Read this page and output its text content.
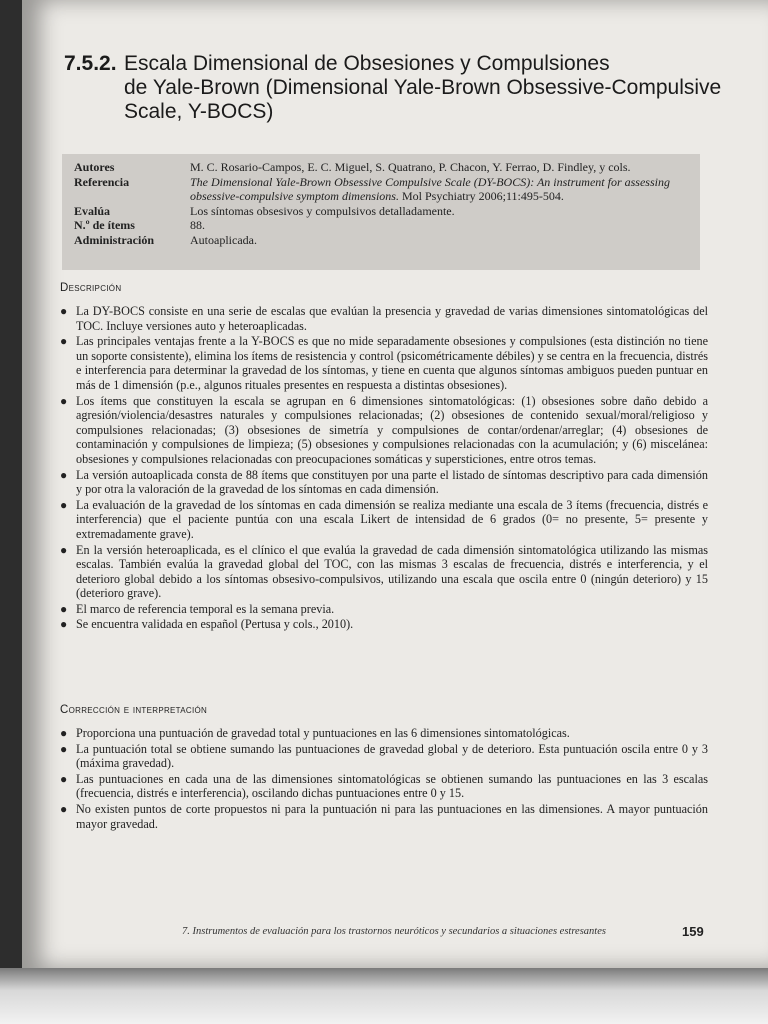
7.5.2. Escala Dimensional de Obsesiones y Compulsiones
de Yale-Brown (Dimensional Yale-Brown Obsessive-Compulsive Scale, Y-BOCS)
Autores	M. C. Rosario-Campos, E. C. Miguel, S. Quatrano, P. Chacon, Y. Ferrao, D. Findley, y cols.
Referencia	The Dimensional Yale-Brown Obsessive Compulsive Scale (DY-BOCS): An instrument for assessing obsessive-compulsive symptom dimensions. Mol Psychiatry 2006;11:495-504.
Evalúa	Los síntomas obsesivos y compulsivos detalladamente.
N.º de ítems	88.
Administración	Autoaplicada.
Descripción
● La DY-BOCS consiste en una serie de escalas que evalúan la presencia y gravedad de varias dimensiones sintomatológicas del TOC. Incluye versiones auto y heteroaplicadas.
● Las principales ventajas frente a la Y-BOCS es que no mide separadamente obsesiones y compulsiones (esta distinción no tiene un soporte consistente), elimina los ítems de resistencia y control (psicométricamente débiles) y se centra en la frecuencia, distrés e interferencia para determinar la gravedad de los síntomas, y tiene en cuenta que algunos síntomas ambiguos pueden puntuar en más de 1 dimensión (p.e., algunos rituales presentes en respuesta a distintas obsesiones).
● Los ítems que constituyen la escala se agrupan en 6 dimensiones sintomatológicas: (1) obsesiones sobre daño debido a agresión/violencia/desastres naturales y compulsiones relacionadas; (2) obsesiones de contenido sexual/moral/religioso y compulsiones relacionadas; (3) obsesiones de simetría y compulsiones de contar/ordenar/arreglar; (4) obsesiones de contaminación y compulsiones de limpieza; (5) obsesiones y compulsiones relacionadas con la acumulación; y (6) miscelánea: obsesiones y compulsiones relacionadas con preocupaciones somáticas y supersticiones, entre otros temas.
● La versión autoaplicada consta de 88 ítems que constituyen por una parte el listado de síntomas descriptivo para cada dimensión y por otra la valoración de la gravedad de los síntomas en cada dimensión.
● La evaluación de la gravedad de los síntomas en cada dimensión se realiza mediante una escala de 3 ítems (frecuencia, distrés e interferencia) que el paciente puntúa con una escala Likert de intensidad de 6 grados (0= no presente, 5= presente y extremadamente grave).
● En la versión heteroaplicada, es el clínico el que evalúa la gravedad de cada dimensión sintomatológica utilizando las mismas escalas. También evalúa la gravedad global del TOC, con las mismas 3 escalas de frecuencia, distrés e interferencia, y el deterioro global debido a los síntomas obsesivo-compulsivos, utilizando una escala que oscila entre 0 (ningún deterioro) y 15 (deterioro grave).
● El marco de referencia temporal es la semana previa.
● Se encuentra validada en español (Pertusa y cols., 2010).
Corrección e interpretación
● Proporciona una puntuación de gravedad total y puntuaciones en las 6 dimensiones sintomatológicas.
● La puntuación total se obtiene sumando las puntuaciones de gravedad global y de deterioro. Esta puntuación oscila entre 0 y 3 (máxima gravedad).
● Las puntuaciones en cada una de las dimensiones sintomatológicas se obtienen sumando las puntuaciones en las 3 escalas (frecuencia, distrés e interferencia), oscilando dichas puntuaciones entre 0 y 15.
● No existen puntos de corte propuestos ni para la puntuación ni para las puntuaciones en las dimensiones. A mayor puntuación mayor gravedad.
7. Instrumentos de evaluación para los trastornos neuróticos y secundarios a situaciones estresantes	159
